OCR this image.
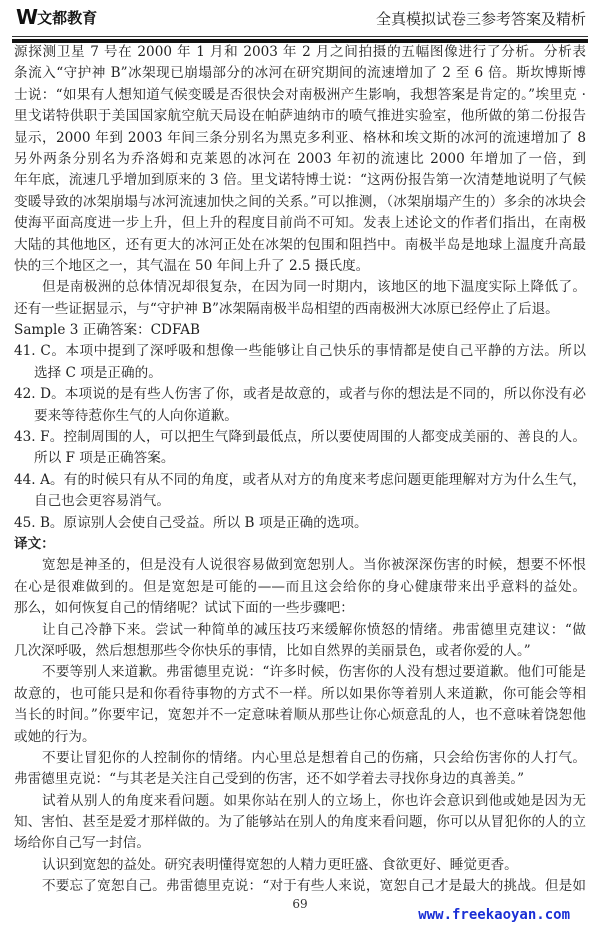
W 文都教育	全真模拟试卷三参考答案及精析
源探测卫星 7 号在 2000 年 1 月和 2003 年 2 月之间拍摄的五幅图像进行了分析。分析表
条流入“守护神 B”冰架现已崩塌部分的冰河在研究期间的流速增加了 2 至 6 倍。斯坎博斯博
士说：“如果有人想知道气候变暖是否很快会对南极洲产生影响，我想答案是肯定的。”埃里克 ·
里戈诺特供职于美国国家航空航天局设在帕萨迪纳市的喷气推进实验室，他所做的第二份报告
显示，2000 年到 2003 年间三条分别名为黑克多利亚、格林和埃文斯的冰河的流速增加了 8
另外两条分别名为乔洛姆和克莱恩的冰河在 2003 年初的流速比 2000 年增加了一倍，到
年年底，流速几乎增加到原来的 3 倍。里戈诺特博士说：“这两份报告第一次清楚地说明了气候
变暖导致的冰架崩塌与冰河流速加快之间的关系。”可以推测，（冰架崩塌产生的）多余的冰块会
使海平面高度进一步上升，但上升的程度目前尚不可知。发表上述论文的作者们指出，在南极
大陆的其他地区，还有更大的冰河正处在冰架的包围和阻挡中。南极半岛是地球上温度升高最
快的三个地区之一，其气温在 50 年间上升了 2.5 摄氏度。
但是南极洲的总体情况却很复杂，在因为同一时期内，该地区的地下温度实际上降低了。
还有一些证据显示，与“守护神 B”冰架隔南极半岛相望的西南极洲大冰原已经停止了后退。
Sample 3 正确答案：CDFAB
41. C。本项中提到了深呼吸和想像一些能够让自己快乐的事情都是使自己平静的方法。所以
选择 C 项是正确的。
42. D。本项说的是有些人伤害了你，或者是故意的，或者与你的想法是不同的，所以你没有必
要来等待惹你生气的人向你道歉。
43. F。控制周围的人，可以把生气降到最低点，所以要使周围的人都变成美丽的、善良的人。
所以 F 项是正确答案。
44. A。有的时候只有从不同的角度，或者从对方的角度来考虑问题更能理解对方为什么生气，
自己也会更容易消气。
45. B。原谅别人会使自己受益。所以 B 项是正确的选项。
译文：
宽恕是神圣的，但是没有人说很容易做到宽恕别人。当你被深深伤害的时候，想要不怀恨
在心是很难做到的。但是宽恕是可能的——而且这会给你的身心健康带来出乎意料的益处。
那么，如何恢复自己的情绪呢？试试下面的一些步骤吧：
让自己冷静下来。尝试一种简单的减压技巧来缓解你愤怒的情绪。弗雷德里克建议：“做
几次深呼吸，然后想想那些令你快乐的事情，比如自然界的美丽景色，或者你爱的人。”
不要等别人来道歉。弗雷德里克说：“许多时候，伤害你的人没有想过要道歉。他们可能是
故意的，也可能只是和你看待事物的方式不一样。所以如果你等着别人来道歉，你可能会等相
当长的时间。”你要牢记，宽恕并不一定意味着顺从那些让你心烦意乱的人，也不意味着饶恕他
或她的行为。
不要让冒犯你的人控制你的情绪。内心里总是想着自己的伤痛，只会给伤害你的人打气。
弗雷德里克说：“与其老是关注自己受到的伤害，还不如学着去寻找你身边的真善美。”
试着从别人的角度来看问题。如果你站在别人的立场上，你也许会意识到他或她是因为无
知、害怕、甚至是爱才那样做的。为了能够站在别人的角度来看问题，你可以从冒犯你的人的立
场给你自己写一封信。
认识到宽恕的益处。研究表明懂得宽恕的人精力更旺盛、食欲更好、睡觉更香。
不要忘了宽恕自己。弗雷德里克说：“对于有些人来说，宽恕自己才是最大的挑战。但是如
69
www.freekaoyan.com
